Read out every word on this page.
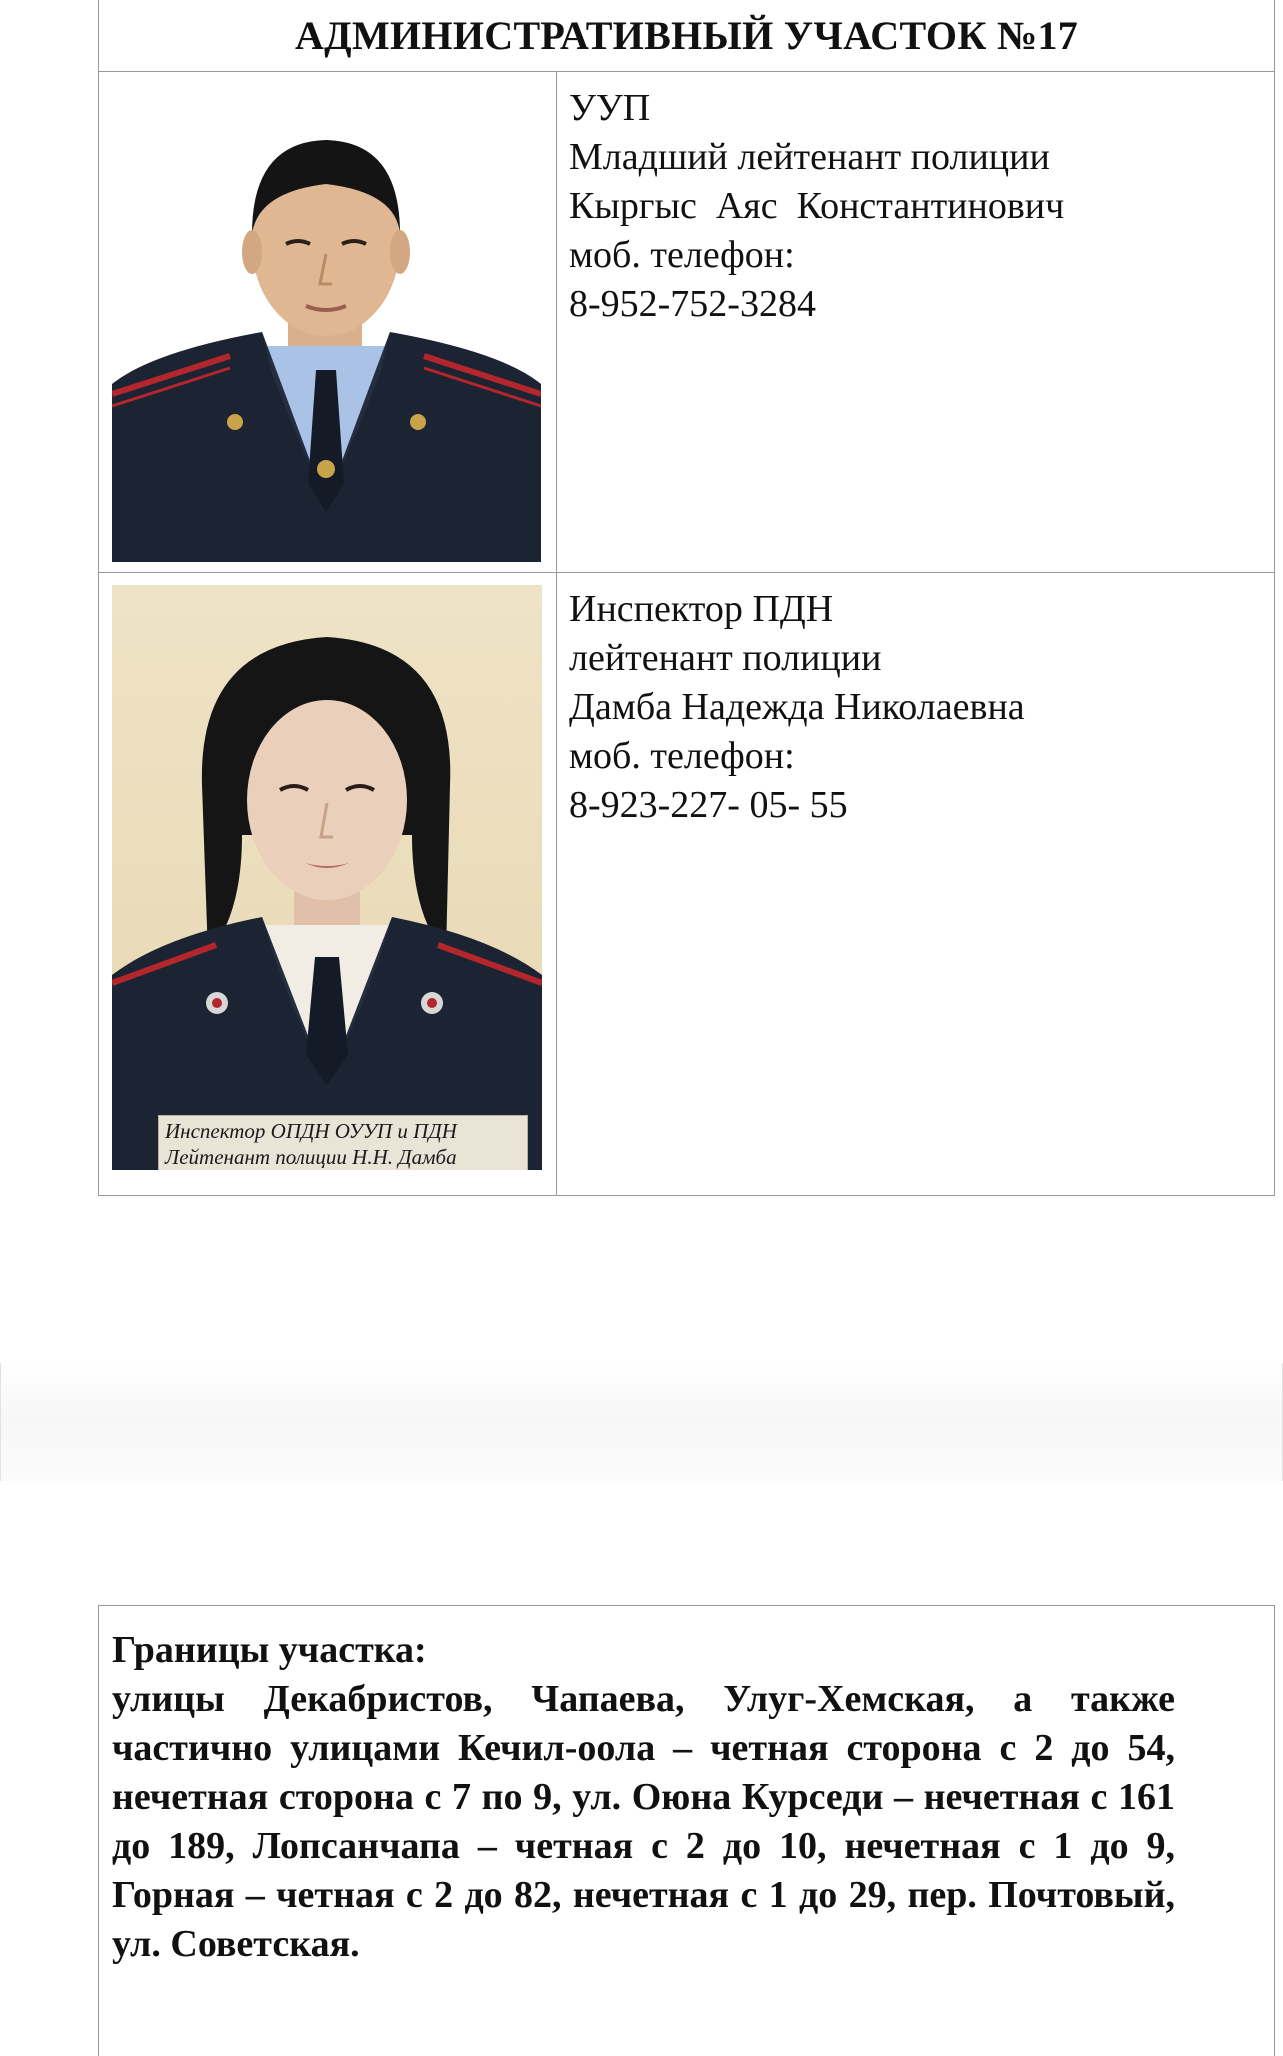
АДМИНИСТРАТИВНЫЙ УЧАСТОК №17
УУП
Младший лейтенант полиции
Кыргыс  Аяс  Константинович
моб. телефон:
8-952-752-3284
Инспектор ОПДН ОУУП и ПДН
Лейтенант полиции Н.Н. Дамба
Инспектор ПДН
лейтенант полиции
Дамба Надежда Николаевна
моб. телефон:
8-923-227- 05- 55
Границы участка:
улицы Декабристов, Чапаева, Улуг-Хемская, а также частично улицами Кечил-оола – четная сторона с 2 до 54, нечетная сторона с 7 по 9, ул. Оюна Курседи – нечетная с 161 до 189, Лопсанчапа – четная с 2 до 10, нечетная с 1 до 9, Горная – четная с 2 до 82, нечетная с 1 до 29, пер. Почтовый, ул. Советская.
